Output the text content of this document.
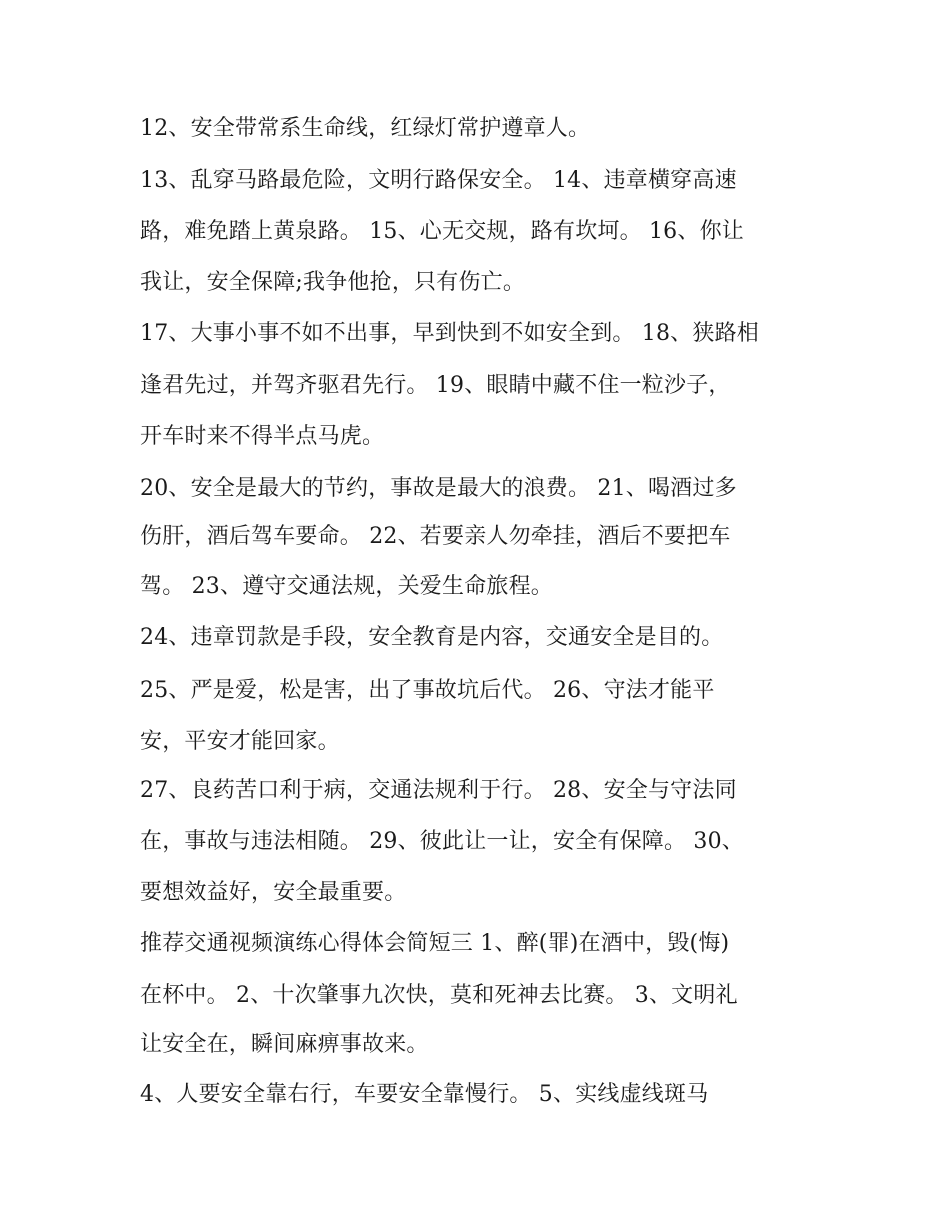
12、安全带常系生命线，红绿灯常护遵章人。
13、乱穿马路最危险，文明行路保安全。 14、违章横穿高速
路，难免踏上黄泉路。 15、心无交规，路有坎坷。 16、你让
我让，安全保障;我争他抢，只有伤亡。
17、大事小事不如不出事，早到快到不如安全到。 18、狭路相
逢君先过，并驾齐驱君先行。 19、眼睛中藏不住一粒沙子，
开车时来不得半点马虎。
20、安全是最大的节约，事故是最大的浪费。 21、喝酒过多
伤肝，酒后驾车要命。 22、若要亲人勿牵挂，酒后不要把车
驾。 23、遵守交通法规，关爱生命旅程。
24、违章罚款是手段，安全教育是内容，交通安全是目的。
25、严是爱，松是害，出了事故坑后代。 26、守法才能平
安，平安才能回家。
27、良药苦口利于病，交通法规利于行。 28、安全与守法同
在，事故与违法相随。 29、彼此让一让，安全有保障。 30、
要想效益好，安全最重要。
推荐交通视频演练心得体会简短三 1、醉(罪)在酒中，毁(悔)
在杯中。 2、十次肇事九次快，莫和死神去比赛。 3、文明礼
让安全在，瞬间麻痹事故来。
4、人要安全靠右行，车要安全靠慢行。 5、实线虚线斑马
